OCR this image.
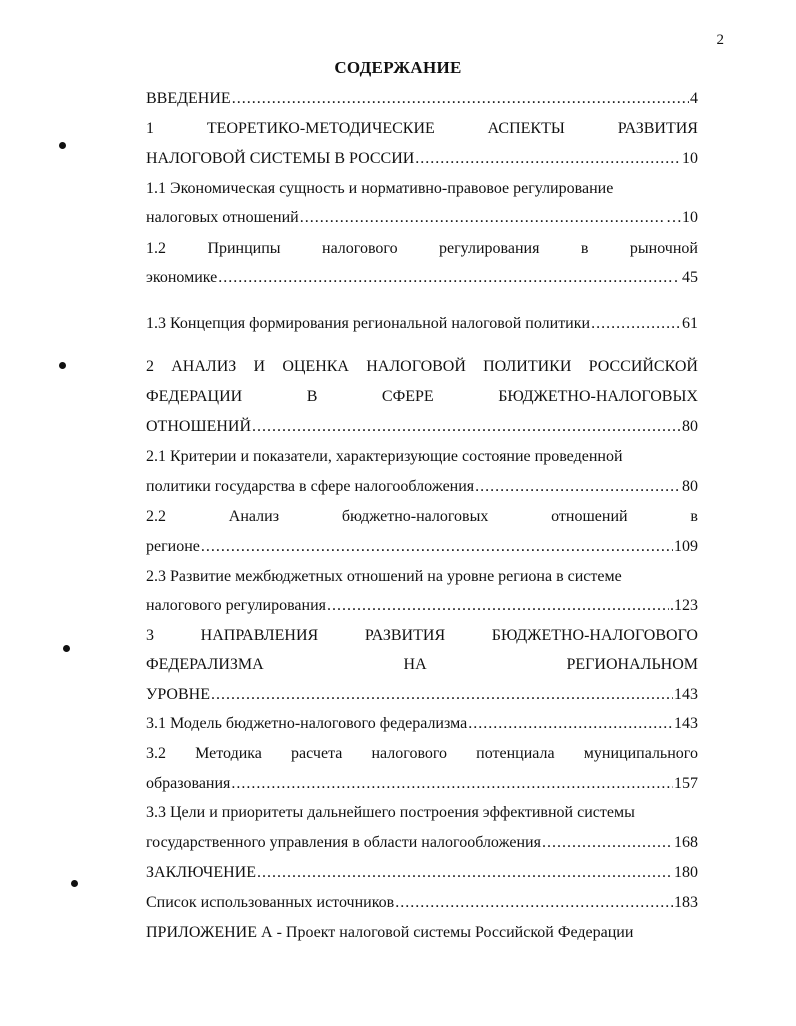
2
СОДЕРЖАНИЕ
ВВЕДЕНИЕ .....	4
1	ТЕОРЕТИКО-МЕТОДИЧЕСКИЕ	АСПЕКТЫ	РАЗВИТИЯ
НАЛОГОВОЙ СИСТЕМЫ В РОССИИ .....	10
1.1 Экономическая сущность и нормативно-правовое регулирование
налоговых отношений .....	…10
1.2	Принципы	налогового	регулирования	в	рыночной
экономике .....	. 45
1.3 Концепция формирования региональной налоговой политики .....	61
2 АНАЛИЗ И ОЦЕНКА НАЛОГОВОЙ ПОЛИТИКИ РОССИЙСКОЙ
ФЕДЕРАЦИИ	В	СФЕРЕ	БЮДЖЕТНО-НАЛОГОВЫХ
ОТНОШЕНИЙ .....	80
2.1 Критерии и показатели, характеризующие состояние проведенной
политики государства в сфере налогообложения .....	80
2.2	Анализ	бюджетно-налоговых	отношений	в
регионе .....	109
2.3 Развитие межбюджетных отношений на уровне региона в системе
налогового регулирования .....	.123
3	НАПРАВЛЕНИЯ	РАЗВИТИЯ	БЮДЖЕТНО-НАЛОГОВОГО
ФЕДЕРАЛИЗМА	НА	РЕГИОНАЛЬНОМ
УРОВНЕ .....	143
3.1 Модель бюджетно-налогового федерализма .....	143
3.2 Методика расчета налогового потенциала муниципального
образования .....	157
3.3 Цели и приоритеты дальнейшего построения эффективной системы
государственного управления в области налогообложения .....	168
ЗАКЛЮЧЕНИЕ .....	180
Список использованных источников .....	183
ПРИЛОЖЕНИЕ А - Проект налоговой системы Российской Федерации
